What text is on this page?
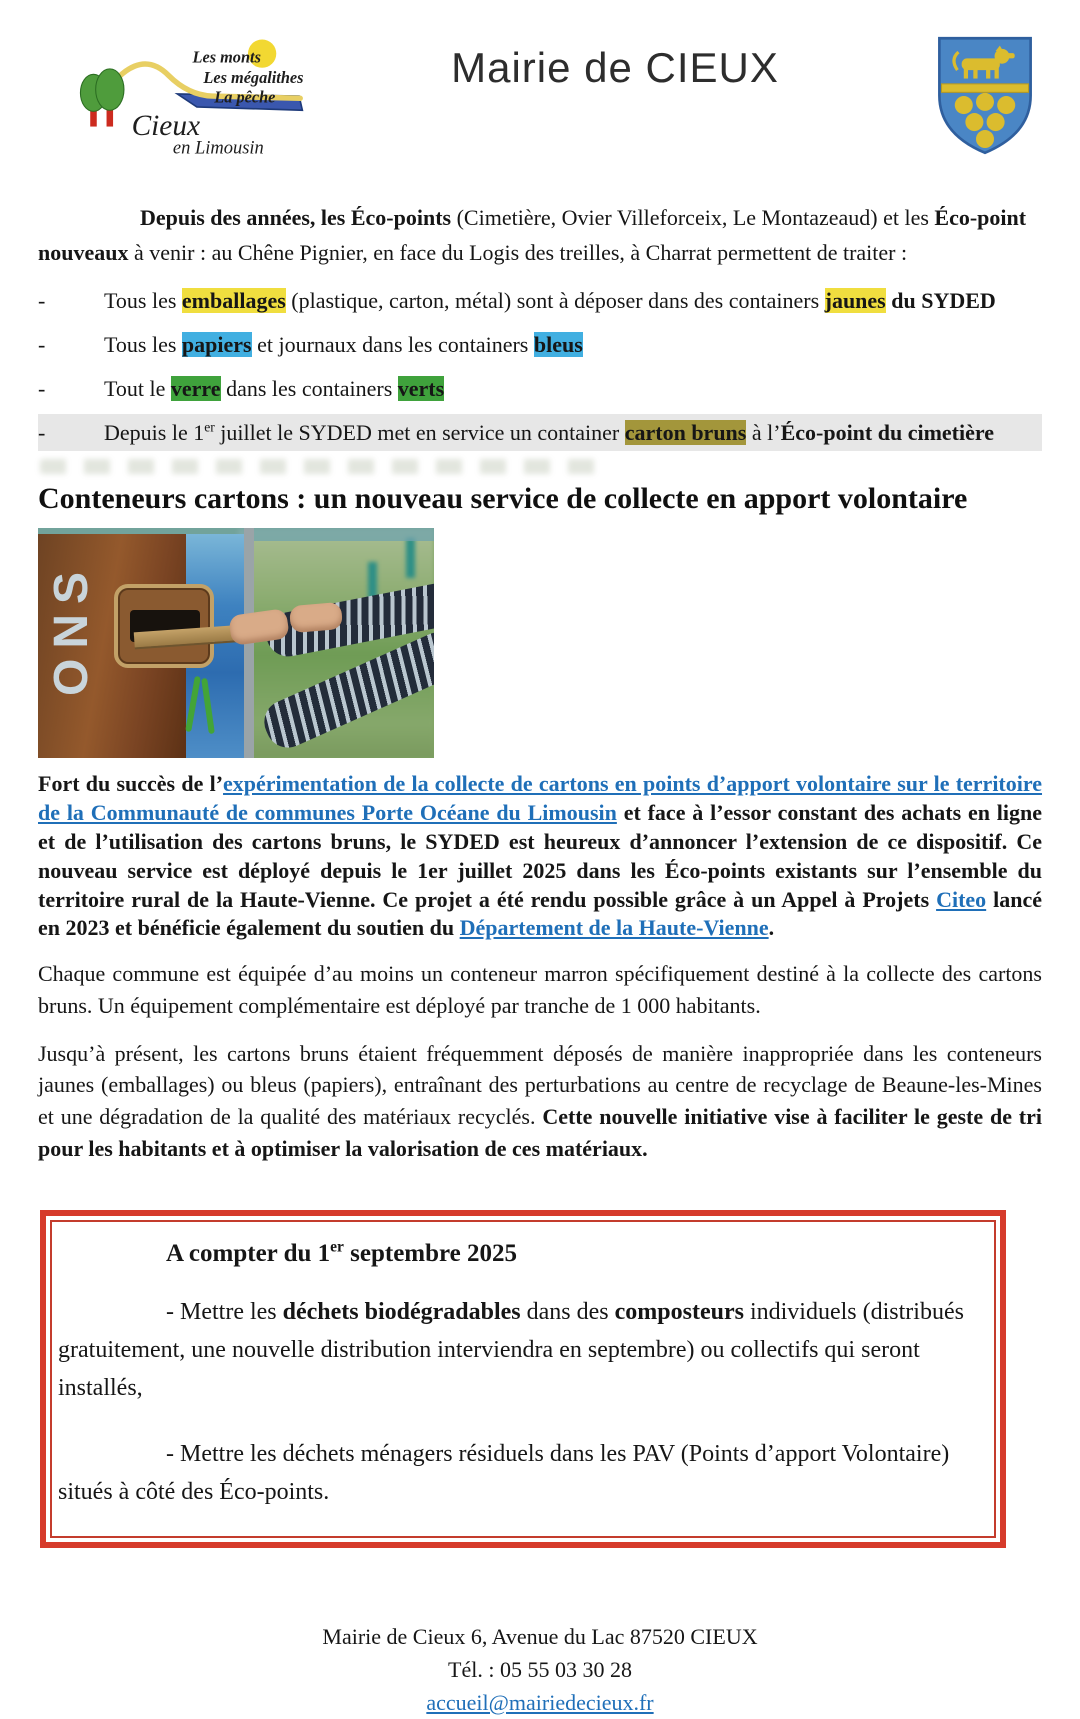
Les monts
Les mégalithes
La pêche
Cieux
en Limousin
Mairie de CIEUX

Depuis des années, les Éco-points (Cimetière, Ovier Villeforceix, Le Montazeaud) et les Éco-point nouveaux à venir : au Chêne Pignier, en face du Logis des treilles, à Charrat permettent de traiter :

-	Tous les emballages (plastique, carton, métal) sont à déposer dans des containers jaunes du SYDED
-	Tous les papiers et journaux dans les containers bleus
-	Tout le verre dans les containers verts
-	Depuis le 1er juillet le SYDED met en service un container carton bruns à l’Éco-point du cimetière
Conteneurs cartons : un nouveau service de collecte en apport volontaire
ONS

Fort du succès de l’expérimentation de la collecte de cartons en points d’apport volontaire sur le territoire de la Communauté de communes Porte Océane du Limousin et face à l’essor constant des achats en ligne et de l’utilisation des cartons bruns, le SYDED est heureux d’annoncer l’extension de ce dispositif. Ce nouveau service est déployé depuis le 1er juillet 2025 dans les Éco-points existants sur l’ensemble du territoire rural de la Haute-Vienne. Ce projet a été rendu possible grâce à un Appel à Projets Citeo lancé en 2023 et bénéficie également du soutien du Département de la Haute-Vienne.

Chaque commune est équipée d’au moins un conteneur marron spécifiquement destiné à la collecte des cartons bruns. Un équipement complémentaire est déployé par tranche de 1 000 habitants.

Jusqu’à présent, les cartons bruns étaient fréquemment déposés de manière inappropriée dans les conteneurs jaunes (emballages) ou bleus (papiers), entraînant des perturbations au centre de recyclage de Beaune-les-Mines et une dégradation de la qualité des matériaux recyclés. Cette nouvelle initiative vise à faciliter le geste de tri pour les habitants et à optimiser la valorisation de ces matériaux.

A compter du 1er septembre 2025

- Mettre les déchets biodégradables dans des composteurs individuels (distribués gratuitement, une nouvelle distribution interviendra en septembre) ou collectifs qui seront installés,

- Mettre les déchets ménagers résiduels dans les PAV (Points d’apport Volontaire) situés à côté des Éco-points.

Mairie de Cieux 6, Avenue du Lac 87520 CIEUX
Tél. : 05 55 03 30 28
accueil@mairiedecieux.fr
